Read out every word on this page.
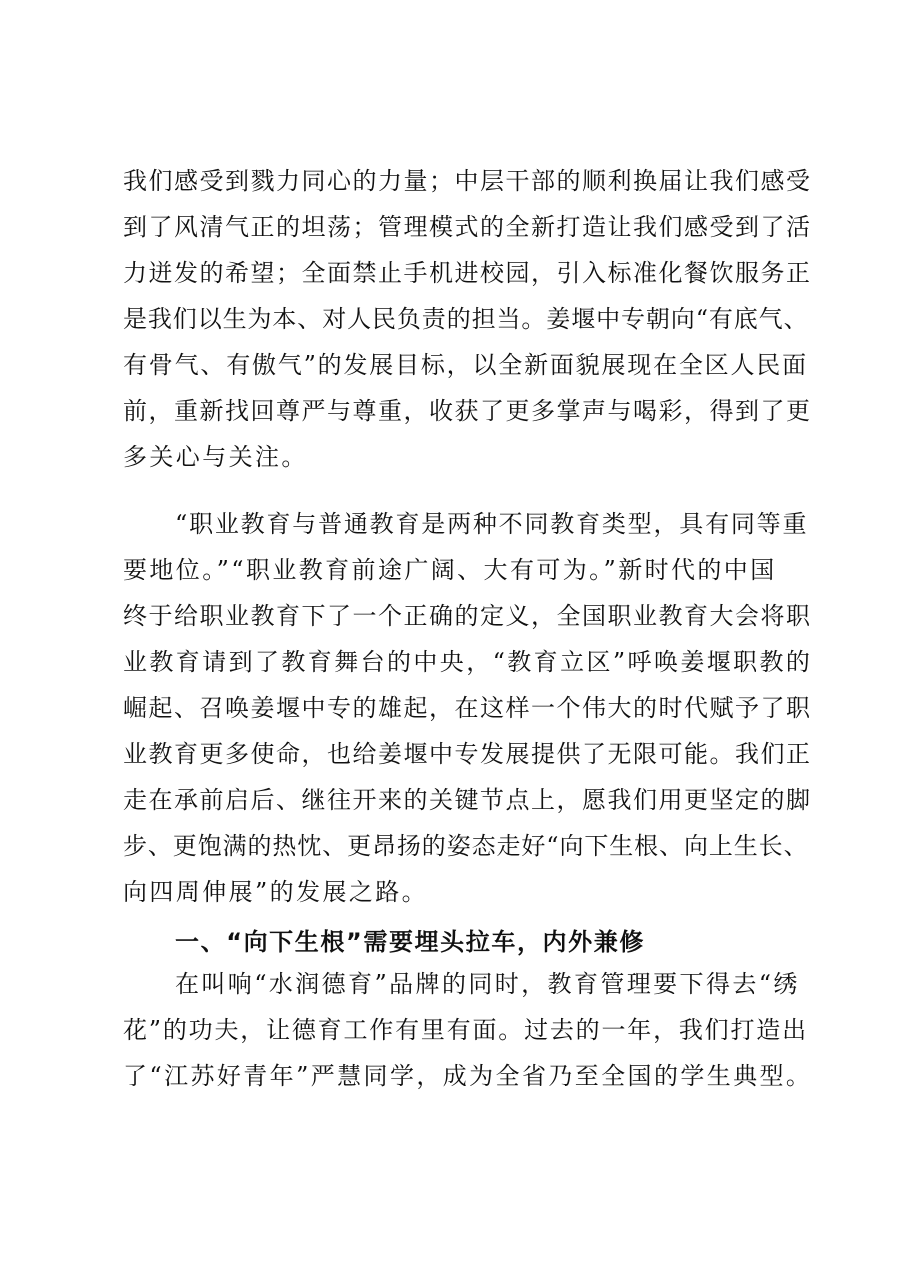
我们感受到戮力同心的力量；中层干部的顺利换届让我们感受
到了风清气正的坦荡；管理模式的全新打造让我们感受到了活
力迸发的希望；全面禁止手机进校园，引入标准化餐饮服务正
是我们以生为本、对人民负责的担当。姜堰中专朝向“有底气、
有骨气、有傲气”的发展目标，以全新面貌展现在全区人民面
前，重新找回尊严与尊重，收获了更多掌声与喝彩，得到了更
多关心与关注。
“职业教育与普通教育是两种不同教育类型，具有同等重
要地位。”“职业教育前途广阔、大有可为。”新时代的中国
终于给职业教育下了一个正确的定义，全国职业教育大会将职
业教育请到了教育舞台的中央，“教育立区”呼唤姜堰职教的
崛起、召唤姜堰中专的雄起，在这样一个伟大的时代赋予了职
业教育更多使命，也给姜堰中专发展提供了无限可能。我们正
走在承前启后、继往开来的关键节点上，愿我们用更坚定的脚
步、更饱满的热忱、更昂扬的姿态走好“向下生根、向上生长、
向四周伸展”的发展之路。
一、“向下生根”需要埋头拉车，内外兼修
在叫响“水润德育”品牌的同时，教育管理要下得去“绣
花”的功夫，让德育工作有里有面。过去的一年，我们打造出
了“江苏好青年”严慧同学，成为全省乃至全国的学生典型。
